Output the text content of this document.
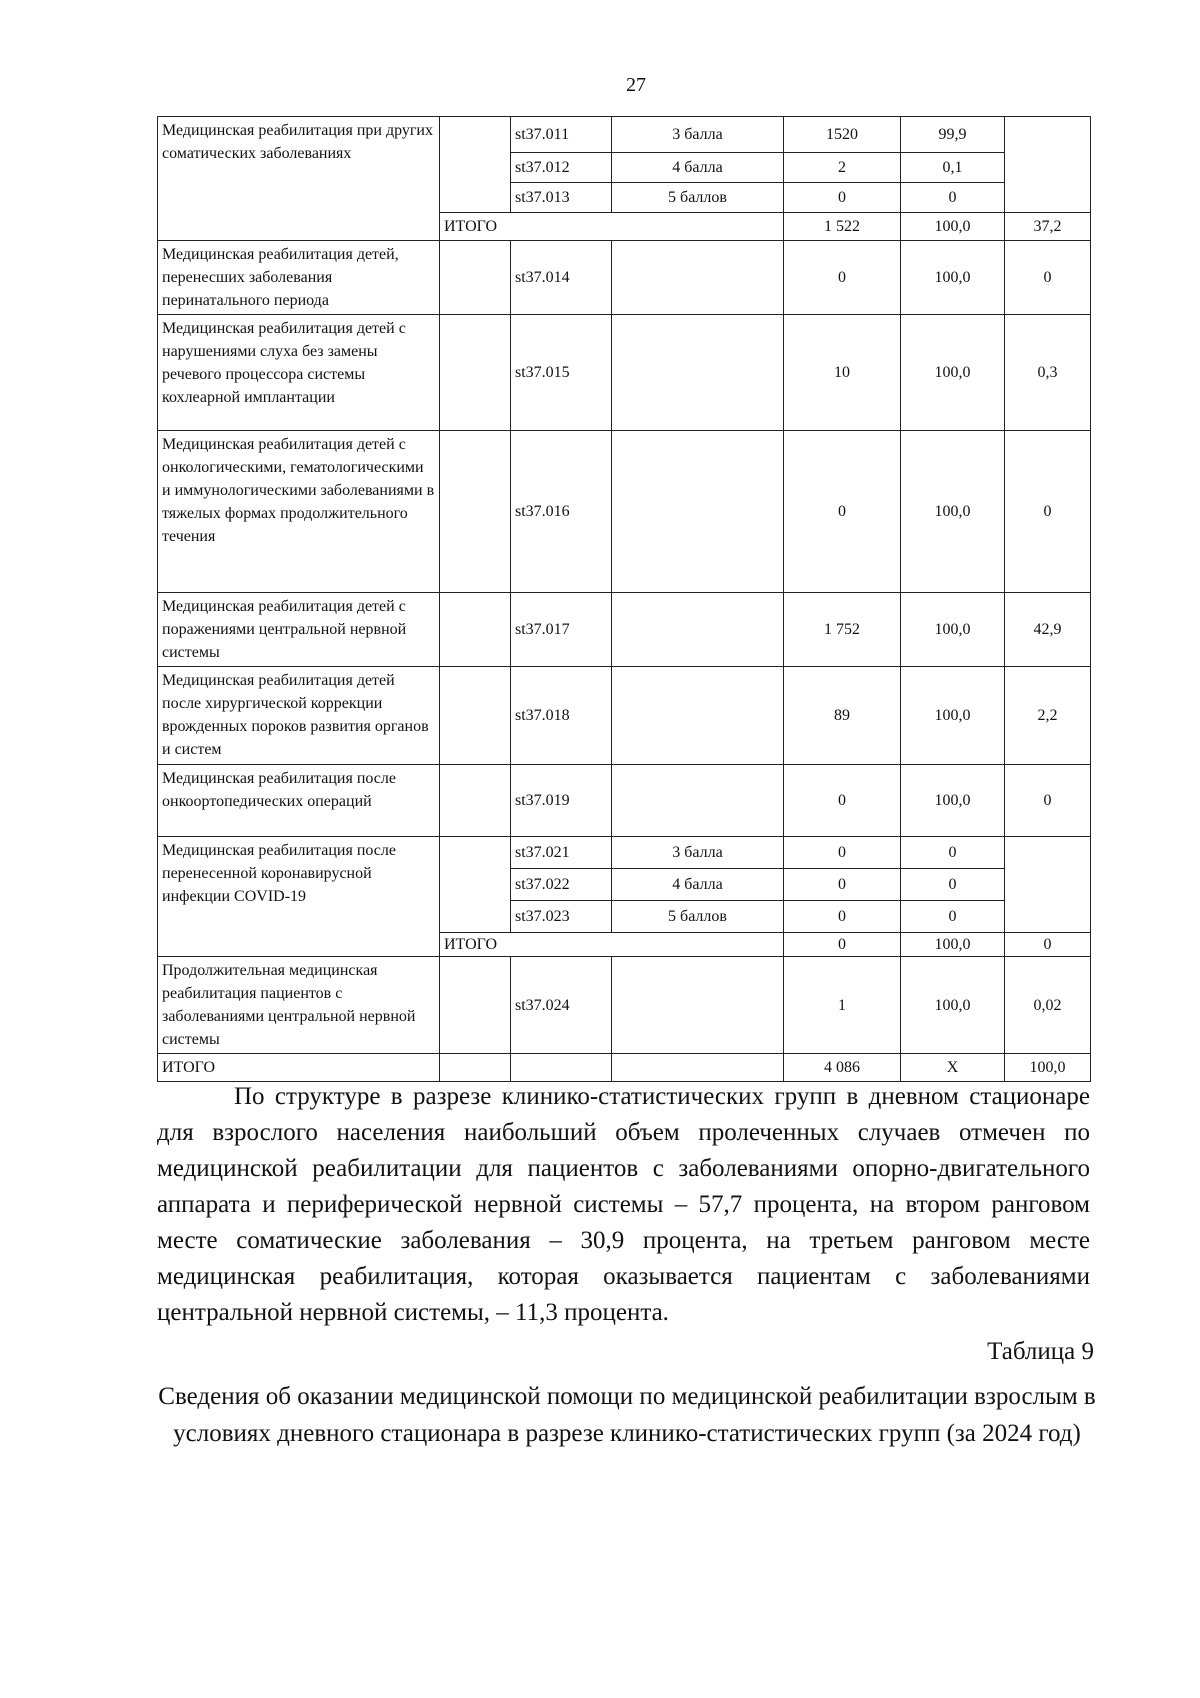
27
Медицинская реабилитация при других соматических заболеваниях		st37.011	3 балла	1520	99,9	
		st37.012	4 балла	2	0,1	
		st37.013	5 баллов	0	0	
	ИТОГО			1 522	100,0	37,2
Медицинская реабилитация детей, перенесших заболевания перинатального периода		st37.014		0	100,0	0
Медицинская реабилитация детей с нарушениями слуха без замены речевого процессора системы кохлеарной имплантации		st37.015		10	100,0	0,3
Медицинская реабилитация детей с онкологическими, гематологическими и иммунологическими заболеваниями в тяжелых формах продолжительного течения		st37.016		0	100,0	0
Медицинская реабилитация детей с поражениями центральной нервной системы		st37.017		1 752	100,0	42,9
Медицинская реабилитация детей после хирургической коррекции врожденных пороков развития органов и систем		st37.018		89	100,0	2,2
Медицинская реабилитация после онкоортопедических операций		st37.019		0	100,0	0
Медицинская реабилитация после перенесенной коронавирусной инфекции COVID-19		st37.021	3 балла	0	0	
		st37.022	4 балла	0	0	
		st37.023	5 баллов	0	0	
	ИТОГО			0	100,0	0
Продолжительная медицинская реабилитация пациентов с заболеваниями центральной нервной системы		st37.024		1	100,0	0,02
ИТОГО				4 086	Х	100,0

По структуре в разрезе клинико-статистических групп в дневном стационаре для взрослого населения наибольший объем пролеченных случаев отмечен по медицинской реабилитации для пациентов с заболеваниями опорно-двигательного аппарата и периферической нервной системы – 57,7 процента, на втором ранговом месте соматические заболевания – 30,9 процента, на третьем ранговом месте медицинская реабилитация, которая оказывается пациентам с заболеваниями центральной нервной системы, – 11,3 процента.

Таблица 9
Сведения об оказании медицинской помощи по медицинской реабилитации взрослым в условиях дневного стационара в разрезе клинико-статистических групп (за 2024 год)
